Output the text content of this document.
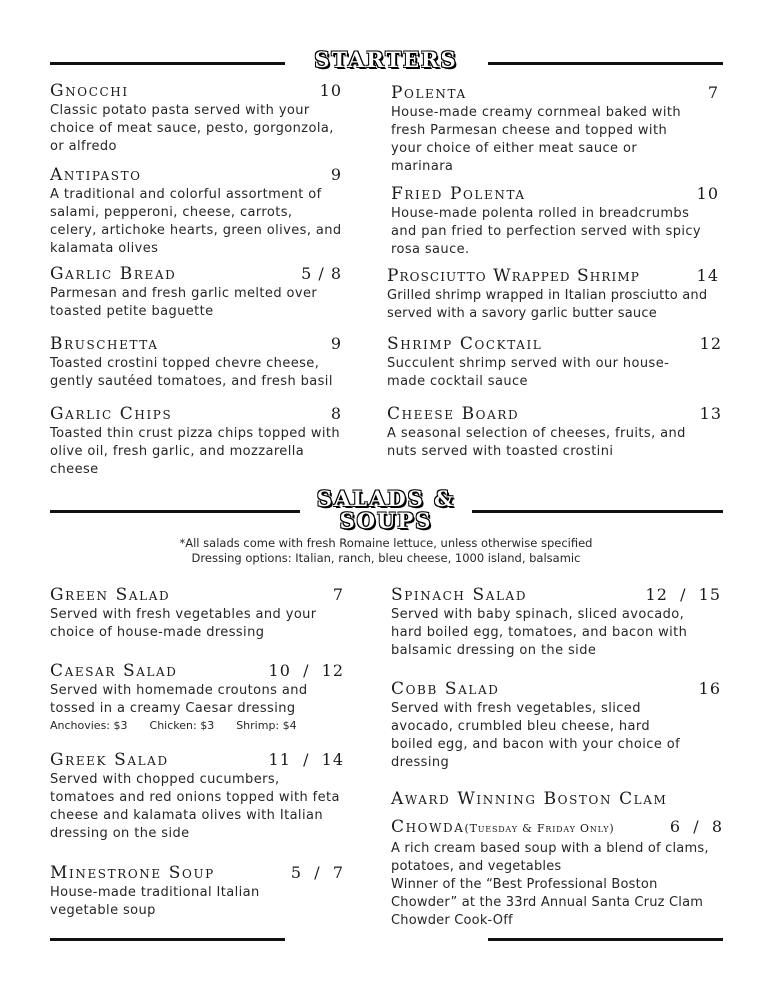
STARTERS
Gnocchi	10
Classic potato pasta served with your choice of meat sauce, pesto, gorgonzola, or alfredo
Antipasto	9
A traditional and colorful assortment of salami, pepperoni, cheese, carrots, celery, artichoke hearts, green olives, and kalamata olives
Garlic Bread	5 / 8
Parmesan and fresh garlic melted over toasted petite baguette
Bruschetta	9
Toasted crostini topped chevre cheese, gently sautéed tomatoes, and fresh basil
Garlic Chips	8
Toasted thin crust pizza chips topped with olive oil, fresh garlic, and mozzarella cheese
Polenta	7
House-made creamy cornmeal baked with fresh Parmesan cheese and topped with your choice of either meat sauce or marinara
Fried Polenta	10
House-made polenta rolled in breadcrumbs and pan fried to perfection served with spicy rosa sauce.
Prosciutto Wrapped Shrimp	14
Grilled shrimp wrapped in Italian prosciutto and served with a savory garlic butter sauce
Shrimp Cocktail	12
Succulent shrimp served with our house-made cocktail sauce
Cheese Board	13
A seasonal selection of cheeses, fruits, and nuts served with toasted crostini
SALADS &
SOUPS
*All salads come with fresh Romaine lettuce, unless otherwise specified
Dressing options: Italian, ranch, bleu cheese, 1000 island, balsamic
Green Salad	7
Served with fresh vegetables and your choice of house-made dressing
Caesar Salad	10  /  12
Served with homemade croutons and tossed in a creamy Caesar dressing
Anchovies: $3 Chicken: $3 Shrimp: $4
Greek Salad	11  /  14
Served with chopped cucumbers, tomatoes and red onions topped with feta cheese and kalamata olives with Italian dressing on the side
Minestrone Soup	5  /  7
House-made traditional Italian vegetable soup
Spinach Salad	12  /  15
Served with baby spinach, sliced avocado, hard boiled egg, tomatoes, and bacon with balsamic dressing on the side
Cobb Salad	16
Served with fresh vegetables, sliced avocado, crumbled bleu cheese, hard boiled egg, and bacon with your choice of dressing
Award Winning Boston Clam
Chowda(Tuesday & Friday Only)	6  /  8
A rich cream based soup with a blend of clams, potatoes, and vegetables
Winner of the “Best Professional Boston Chowder” at the 33rd Annual Santa Cruz Clam Chowder Cook-Off
